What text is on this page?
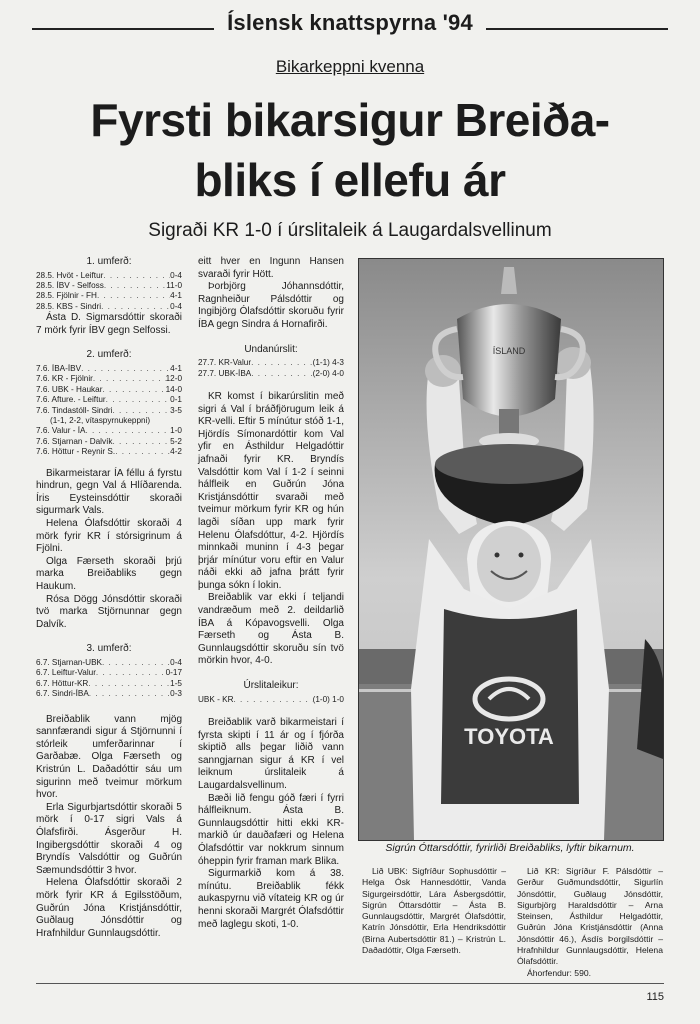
Íslensk knattspyrna '94
Bikarkeppni kvenna
Fyrsti bikarsigur Breiða-
bliks í ellefu ár
Sigraði KR 1-0 í úrslitaleik á Laugardalsvellinum

1. umferð:

28.5. Hvöt - Leiftur . . .	0-4
28.5. ÍBV - Selfoss . . .	11-0
28.5. Fjölnir - FH . . .	4-1
28.5. KBS - Sindri . . .	0-4

Ásta D. Sigmarsdóttir skoraði 7 mörk fyrir ÍBV gegn Selfossi.

2. umferð:

7.6. ÍBA-ÍBV . . .	4-1
7.6. KR - Fjölnir . . .	12-0
7.6. UBK - Haukar . . .	14-0
7.6. Afture. - Leiftur . . .	0-1
7.6. Tindastóll- Sindri . . .	3-5
(1-1, 2-2, vítaspyrnukeppni)
7.6. Valur - ÍA . . .	1-0
7.6. Stjarnan - Dalvík . . .	5-2
7.6. Höttur - Reynir S. . . .	4-2

Bikarmeistarar ÍA féllu á fyrstu hindrun, gegn Val á Hlíðarenda. Íris Eysteinsdóttir skoraði sigurmark Vals.

Helena Ólafsdóttir skoraði 4 mörk fyrir KR í stórsigrinum á Fjölni.

Olga Færseth skoraði þrjú marka Breiðabliks gegn Haukum.

Rósa Dögg Jónsdóttir skoraði tvö marka Stjörnunnar gegn Dalvík.

3. umferð:

6.7. Stjarnan-UBK . . .	0-4
6.7. Leiftur-Valur . . .	0-17
6.7. Höttur-KR . . .	1-5
6.7. Sindri-ÍBA . . .	0-3

Breiðablik vann mjög sannfærandi sigur á Stjörnunni í stórleik umferðarinnar í Garðabæ. Olga Færseth og Kristrún L. Daðadóttir sáu um sigurinn með tveimur mörkum hvor.

Erla Sigurbjartsdóttir skoraði 5 mörk í 0-17 sigri Vals á Ólafsfirði. Ásgerður H. Ingibergsdóttir skoraði 4 og Bryndís Valsdóttir og Guðrún Sæmundsdóttir 3 hvor.

Helena Ólafsdóttir skoraði 2 mörk fyrir KR á Egilsstöðum, Guðrún Jóna Kristjánsdóttir, Guðlaug Jónsdóttir og Hrafnhildur Gunnlaugsdóttir.

eitt hver en Ingunn Hansen svaraði fyrir Hött.

Þorbjörg Jóhannsdóttir, Ragnheiður Pálsdóttir og Ingibjörg Ólafsdóttir skoruðu fyrir ÍBA gegn Sindra á Hornafirði.

Undanúrslit:

27.7. KR-Valur . . .	(1-1) 4-3
27.7. UBK-ÍBA . . .	(2-0) 4-0

KR komst í bikarúrslitin með sigri á Val í bráðfjörugum leik á KR-velli. Eftir 5 mínútur stóð 1-1, Hjördís Símonardóttir kom Val yfir en Ásthildur Helgadóttir jafnaði fyrir KR. Bryndís Valsdóttir kom Val í 1-2 í seinni hálfleik en Guðrún Jóna Kristjánsdóttir svaraði með tveimur mörkum fyrir KR og hún lagði síðan upp mark fyrir Helenu Ólafsdóttur, 4-2. Hjördís minnkaði muninn í 4-3 þegar þrjár mínútur voru eftir en Valur náði ekki að jafna þrátt fyrir þunga sókn í lokin.

Breiðablik var ekki í teljandi vandræðum með 2. deildarlið ÍBA á Kópavogsvelli. Olga Færseth og Ásta B. Gunnlaugsdóttir skoruðu sín tvö mörkin hvor, 4-0.

Úrslitaleikur:

UBK - KR . . .	(1-0) 1-0

Breiðablik varð bikarmeistari í fyrsta skipti í 11 ár og í fjórða skiptið alls þegar liðið vann sanngjarnan sigur á KR í vel leiknum úrslitaleik á Laugardalsvellinum.

Bæði lið fengu góð færi í fyrri hálfleiknum. Ásta B. Gunnlaugsdóttir hitti ekki KR-markið úr dauðafæri og Helena Ólafsdóttir var nokkrum sinnum óheppin fyrir framan mark Blika.

Sigurmarkið kom á 38. mínútu. Breiðablik fékk aukaspyrnu við vítateig KR og úr henni skoraði Margrét Ólafsdóttir með laglegu skoti, 1-0.

ÍSLAND
TOYOTA
Sigrún Óttarsdóttir, fyrirliði Breiðabliks, lyftir bikarnum.

Lið UBK: Sigfríður Sophusdóttir – Helga Ósk Hannesdóttir, Vanda Sigurgeirsdóttir, Lára Ásbergsdóttir, Sigrún Óttarsdóttir – Ásta B. Gunnlaugsdóttir, Margrét Ólafsdóttir, Katrín Jónsdóttir, Erla Hendriksdóttir (Birna Aubertsdóttir 81.) – Kristrún L. Daðadóttir, Olga Færseth.

Lið KR: Sigríður F. Pálsdóttir – Gerður Guðmundsdóttir, Sigurlín Jónsdóttir, Guðlaug Jónsdóttir, Sigurbjörg Haraldsdóttir – Arna Steinsen, Ásthildur Helgadóttir, Guðrún Jóna Kristjánsdóttir (Anna Jónsdóttir 46.), Ásdís Þorgilsdóttir – Hrafnhildur Gunnlaugsdóttir, Helena Ólafsdóttir.

Áhorfendur: 590.

115
